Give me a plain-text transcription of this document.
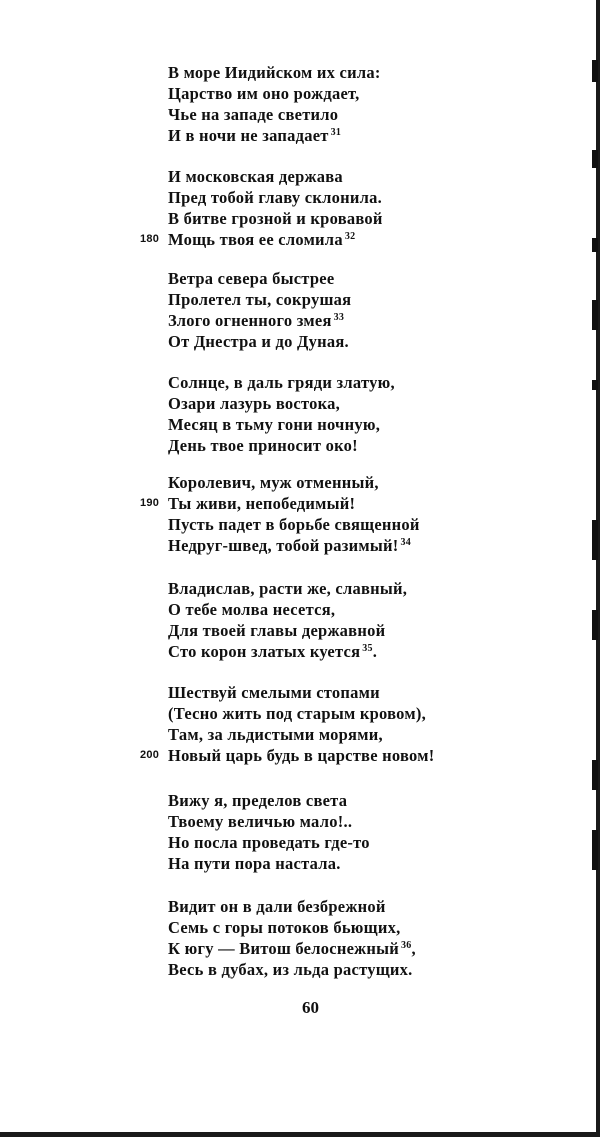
В море Иидийском их сила:
Царство им оно рождает,
Чье на западе светило
И в ночи не западает $^{31}$
И московская держава
Пред тобой главу склонила.
В битве грозной и кровавой
180 Мощь твоя ее сломила $^{32}$
Ветра севера быстрее
Пролетел ты, сокрушая
Злого огненного змея $^{33}$
От Днестра и до Дуная.
Солнце, в даль гряди златую,
Озари лазурь востока,
Месяц в тьму гони ночную,
День твое приносит око!
Королевич, муж отменный,
190 Ты живи, непобедимый!
Пусть падет в борьбе священной
Недруг-швед, тобой разимый! $^{34}$
Владислав, расти же, славный,
О тебе молва несется,
Для твоей главы державной
Сто корон златых куется $^{35}$.
Шествуй смелыми стопами
(Тесно жить под старым кровом),
Там, за льдистыми морями,
200 Новый царь будь в царстве новом!
Вижу я, пределов света
Твоему величью мало!..
Но посла проведать где-то
На пути пора настала.
Видит он в дали безбрежной
Семь с горы потоков бьющих,
К югу — Витош белоснежный $^{36}$,
Весь в дубах, из льда растущих.
60
